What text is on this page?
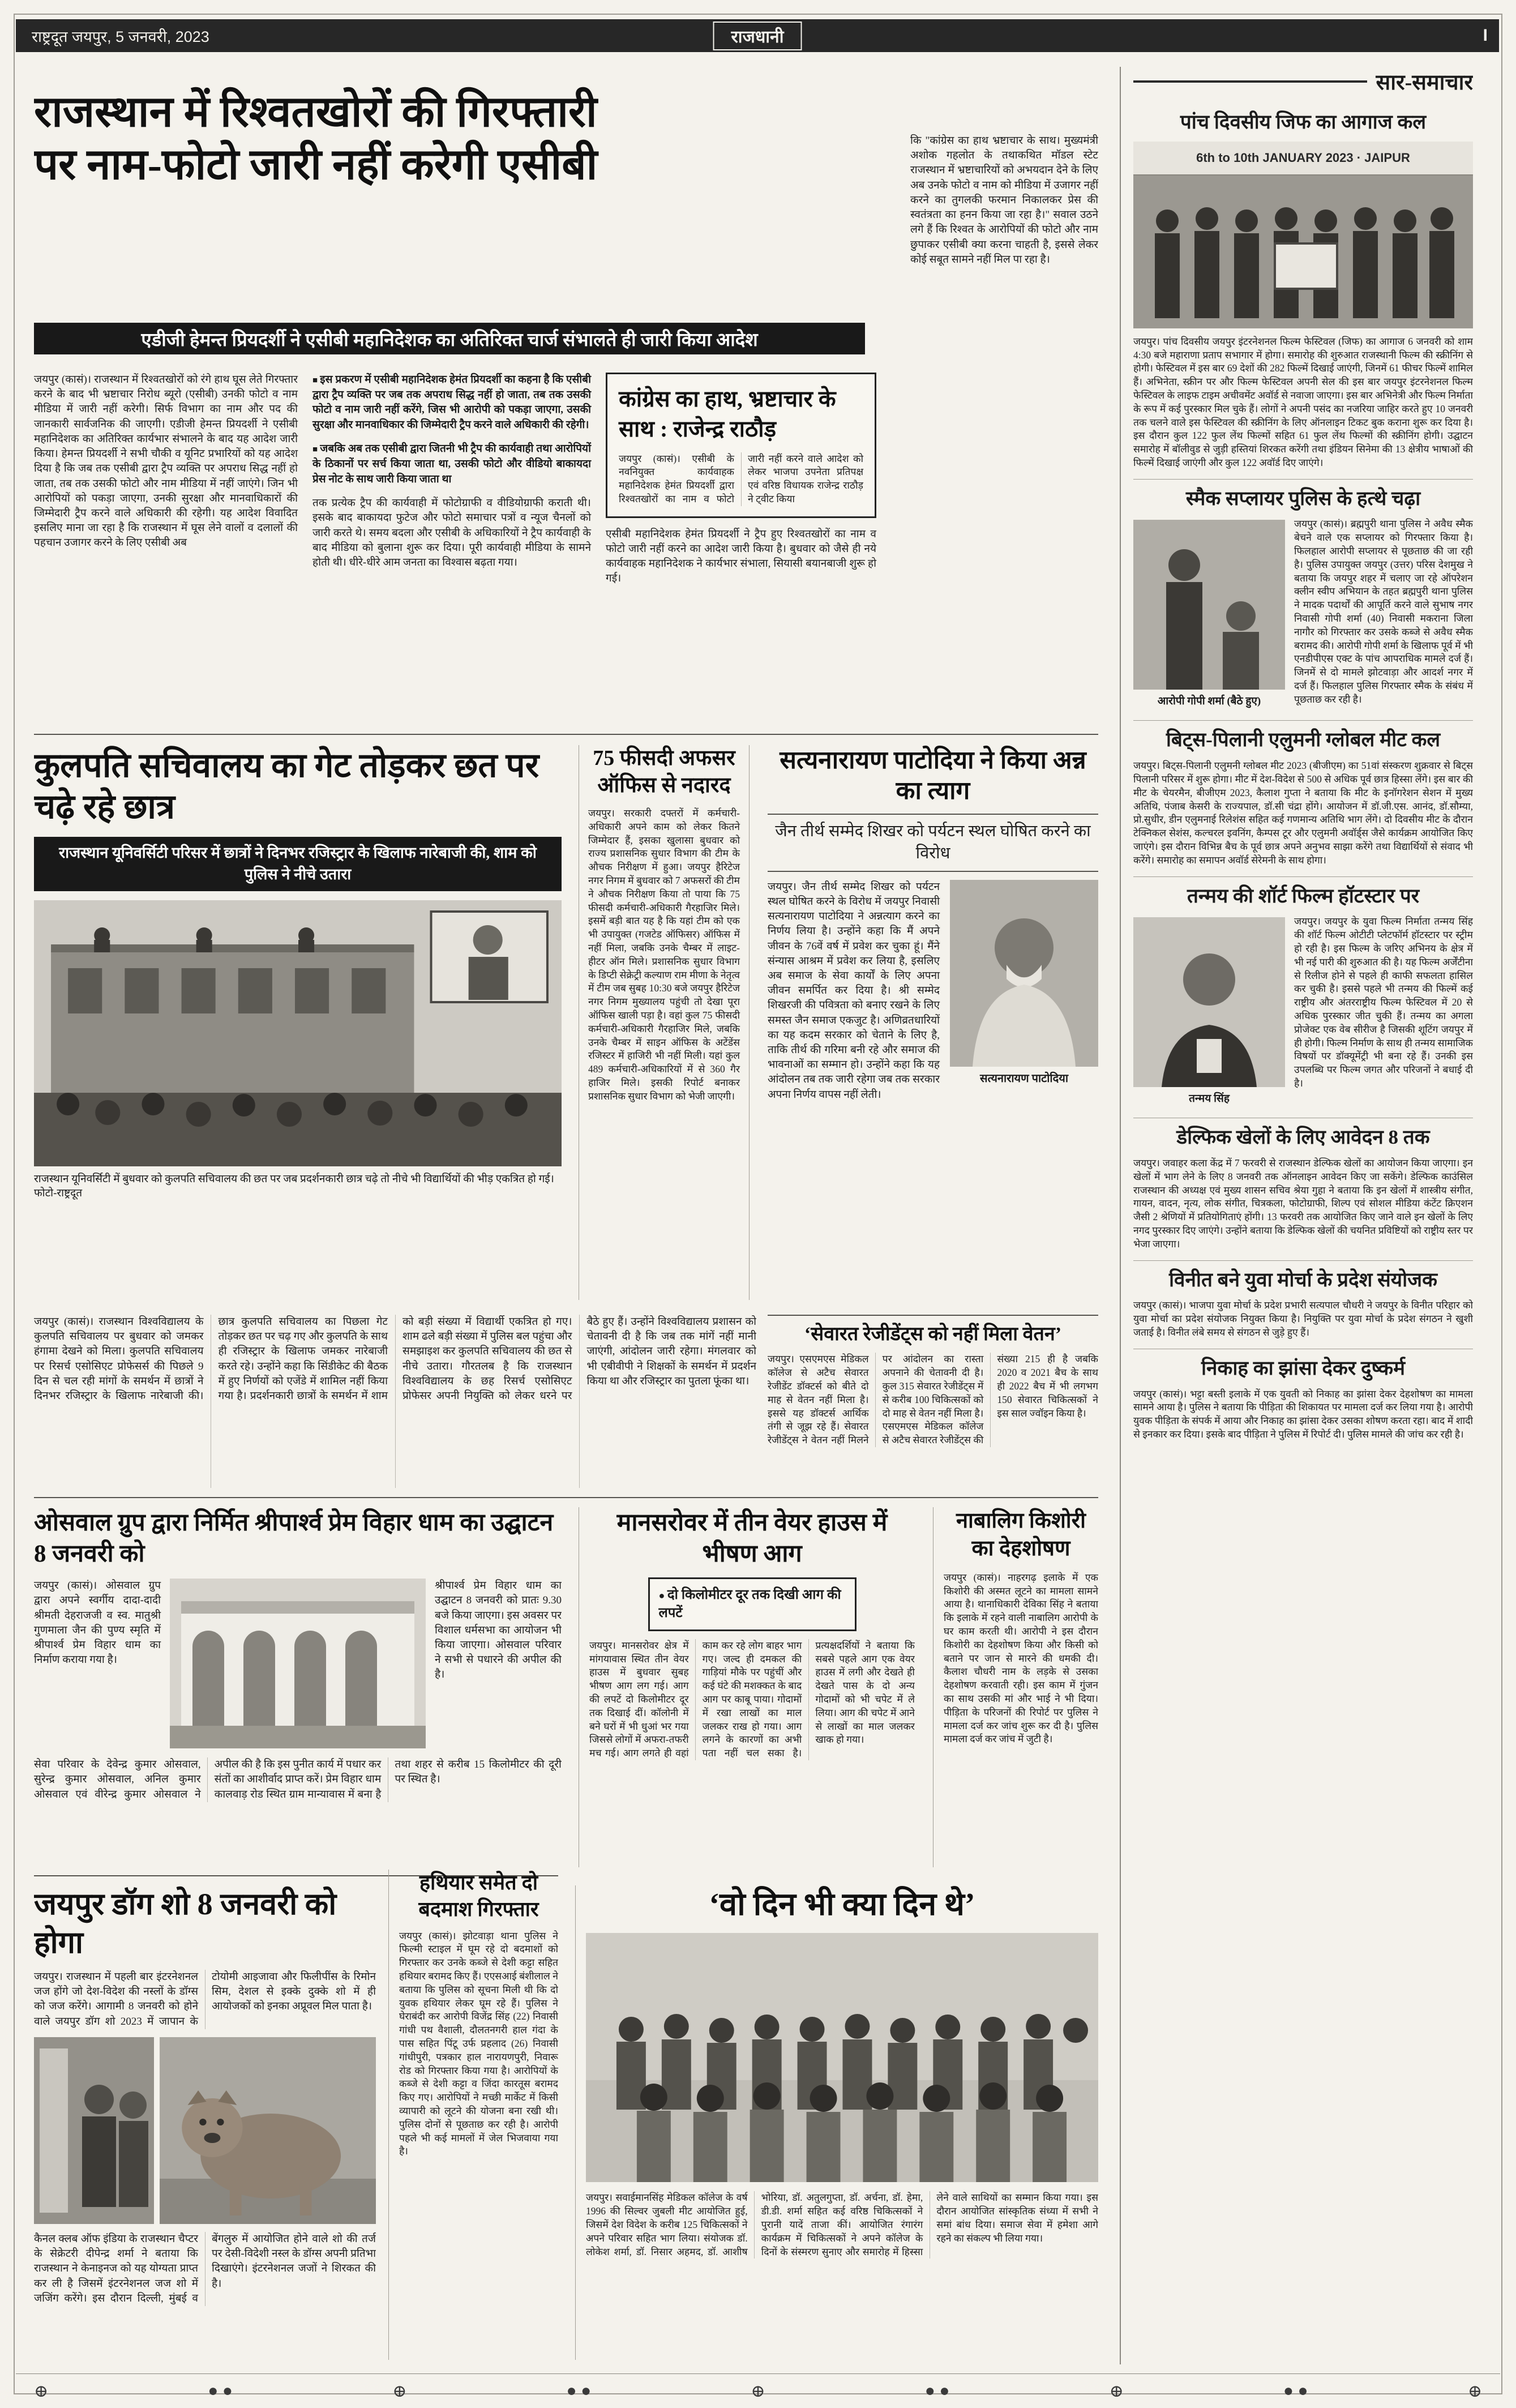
राष्ट्रदूत जयपुर, 5 जनवरी, 2023	राजधानी	I
राजस्थान में रिश्वतखोरों की गिरफ्तारी पर नाम-फोटो जारी नहीं करेगी एसीबी
कि "कांग्रेस का हाथ भ्रष्टाचार के साथ। मुख्यमंत्री अशोक गहलोत के तथाकथित मॉडल स्टेट राजस्थान में भ्रष्टाचारियों को अभयदान देने के लिए अब उनके फोटो व नाम को मीडिया में उजागर नहीं करने का तुगलकी फरमान निकालकर प्रेस की स्वतंत्रता का हनन किया जा रहा है।" सवाल उठने लगे हैं कि रिश्वत के आरोपियों की फोटो और नाम छुपाकर एसीबी क्या करना चाहती है, इससे लेकर कोई सबूत सामने नहीं मिल पा रहा है।
एडीजी हेमन्त प्रियदर्शी ने एसीबी महानिदेशक का अतिरिक्त चार्ज संभालते ही जारी किया आदेश
जयपुर (कासं)। राजस्थान में रिश्वतखोरों को रंगे हाथ घूस लेते गिरफ्तार करने के बाद भी भ्रष्टाचार निरोध ब्यूरो (एसीबी) उनकी फोटो व नाम मीडिया में जारी नहीं करेगी। सिर्फ विभाग का नाम और पद की जानकारी सार्वजनिक की जाएगी। एडीजी हेमन्त प्रियदर्शी ने एसीबी महानिदेशक का अतिरिक्त कार्यभार संभालने के बाद यह आदेश जारी किया। हेमन्त प्रियदर्शी ने सभी चौकी व यूनिट प्रभारियों को यह आदेश दिया है कि जब तक एसीबी द्वारा ट्रैप व्यक्ति पर अपराध सिद्ध नहीं हो जाता, तब तक उसकी फोटो और नाम मीडिया में नहीं जाएंगे। जिन भी आरोपियों को पकड़ा जाएगा, उनकी सुरक्षा और मानवाधिकारों की जिम्मेदारी ट्रैप करने वाले अधिकारी की रहेगी। यह आदेश विवादित इसलिए माना जा रहा है कि राजस्थान में घूस लेने वालों व दलालों की पहचान उजागर करने के लिए एसीबी अब

■ इस प्रकरण में एसीबी महानिदेशक हेमंत प्रियदर्शी का कहना है कि एसीबी द्वारा ट्रैप व्यक्ति पर जब तक अपराध सिद्ध नहीं हो जाता, तब तक उसकी फोटो व नाम जारी नहीं करेंगे, जिस भी आरोपी को पकड़ा जाएगा, उसकी सुरक्षा और मानवाधिकार की जिम्मेदारी ट्रैप करने वाले अधिकारी की रहेगी।

■ जबकि अब तक एसीबी द्वारा जितनी भी ट्रैप की कार्यवाही तथा आरोपियों के ठिकानों पर सर्च किया जाता था, उसकी फोटो और वीडियो बाकायदा प्रेस नोट के साथ जारी किया जाता था

तक प्रत्येक ट्रैप की कार्यवाही में फोटोग्राफी व वीडियोग्राफी कराती थी। इसके बाद बाकायदा फुटेज और फोटो समाचार पत्रों व न्यूज चैनलों को जारी करते थे। समय बदला और एसीबी के अधिकारियों ने ट्रैप कार्यवाही के बाद मीडिया को बुलाना शुरू कर दिया। पूरी कार्यवाही मीडिया के सामने होती थी। धीरे-धीरे आम जनता का विश्वास बढ़ता गया।

कांग्रेस का हाथ, भ्रष्टाचार के साथ : राजेन्द्र राठौड़
जयपुर (कासं)। एसीबी के नवनियुक्त कार्यवाहक महानिदेशक हेमंत प्रियदर्शी द्वारा रिश्वतखोरों का नाम व फोटो जारी नहीं करने वाले आदेश को लेकर भाजपा उपनेता प्रतिपक्ष एवं वरिष्ठ विधायक राजेन्द्र राठौड़ ने ट्वीट किया

एसीबी महानिदेशक हेमंत प्रियदर्शी ने ट्रैप हुए रिश्वतखोरों का नाम व फोटो जारी नहीं करने का आदेश जारी किया है। बुधवार को जैसे ही नये कार्यवाहक महानिदेशक ने कार्यभार संभाला, सियासी बयानबाजी शुरू हो गई।

कुलपति सचिवालय का गेट तोड़कर छत पर चढ़े रहे छात्र
राजस्थान यूनिवर्सिटी परिसर में छात्रों ने दिनभर रजिस्ट्रार के खिलाफ नारेबाजी की, शाम को पुलिस ने नीचे उतारा

राजस्थान यूनिवर्सिटी में बुधवार को कुलपति सचिवालय की छत पर जब प्रदर्शनकारी छात्र चढ़े तो नीचे भी विद्यार्थियों की भीड़ एकत्रित हो गई। फोटो-राष्ट्रदूत

जयपुर (कासं)। राजस्थान विश्वविद्यालय के कुलपति सचिवालय पर बुधवार को जमकर हंगामा देखने को मिला। कुलपति सचिवालय पर रिसर्च एसोसिएट प्रोफेसर्स की पिछले 9 दिन से चल रही मांगों के समर्थन में छात्रों ने दिनभर रजिस्ट्रार के खिलाफ नारेबाजी की। छात्र कुलपति सचिवालय का पिछला गेट तोड़कर छत पर चढ़ गए और कुलपति के साथ ही रजिस्ट्रार के खिलाफ जमकर नारेबाजी करते रहे। उन्होंने कहा कि सिंडीकेट की बैठक में हुए निर्णयों को एजेंडे में शामिल नहीं किया गया है। प्रदर्शनकारी छात्रों के समर्थन में शाम को बड़ी संख्या में विद्यार्थी एकत्रित हो गए। शाम ढले बड़ी संख्या में पुलिस बल पहुंचा और समझाइश कर कुलपति सचिवालय की छत से नीचे उतारा। गौरतलब है कि राजस्थान विश्वविद्यालय के छह रिसर्च एसोसिएट प्रोफेसर अपनी नियुक्ति को लेकर धरने पर बैठे हुए हैं। उन्होंने विश्वविद्यालय प्रशासन को चेतावनी दी है कि जब तक मांगें नहीं मानी जाएंगी, आंदोलन जारी रहेगा। मंगलवार को भी एबीवीपी ने शिक्षकों के समर्थन में प्रदर्शन किया था और रजिस्ट्रार का पुतला फूंका था।
75 फीसदी अफसर ऑफिस से नदारद
जयपुर। सरकारी दफ्तरों में कर्मचारी-अधिकारी अपने काम को लेकर कितने जिम्मेदार हैं, इसका खुलासा बुधवार को राज्य प्रशासनिक सुधार विभाग की टीम के औचक निरीक्षण में हुआ। जयपुर हैरिटेज नगर निगम में बुधवार को 7 अफसरों की टीम ने औचक निरीक्षण किया तो पाया कि 75 फीसदी कर्मचारी-अधिकारी गैरहाजिर मिले। इसमें बड़ी बात यह है कि यहां टीम को एक भी उपायुक्त (गजटेड ऑफिसर) ऑफिस में नहीं मिला, जबकि उनके चैम्बर में लाइट-हीटर ऑन मिले। प्रशासनिक सुधार विभाग के डिप्टी सेक्रेट्री कल्याण राम मीणा के नेतृत्व में टीम जब सुबह 10:30 बजे जयपुर हैरिटेज नगर निगम मुख्यालय पहुंची तो देखा पूरा ऑफिस खाली पड़ा है। वहां कुल 75 फीसदी कर्मचारी-अधिकारी गैरहाजिर मिले, जबकि उनके चैम्बर में साइन ऑफिस के अटेंडेंस रजिस्टर में हाजिरी भी नहीं मिली। यहां कुल 489 कर्मचारी-अधिकारियों में से 360 गैर हाजिर मिले। इसकी रिपोर्ट बनाकर प्रशासनिक सुधार विभाग को भेजी जाएगी।
सत्यनारायण पाटोदिया ने किया अन्न का त्याग
जैन तीर्थ सम्मेद शिखर को पर्यटन स्थल घोषित करने का विरोध
जयपुर। जैन तीर्थ सम्मेद शिखर को पर्यटन स्थल घोषित करने के विरोध में जयपुर निवासी सत्यनारायण पाटोदिया ने अन्नत्याग करने का निर्णय लिया है। उन्होंने कहा कि मैं अपने जीवन के 76वें वर्ष में प्रवेश कर चुका हूं। मैंने संन्यास आश्रम में प्रवेश कर लिया है, इसलिए अब समाज के सेवा कार्यों के लिए अपना जीवन समर्पित कर दिया है। श्री सम्मेद शिखरजी की पवित्रता को बनाए रखने के लिए समस्त जैन समाज एकजुट है। अणिव्रतधारियों का यह कदम सरकार को चेताने के लिए है, ताकि तीर्थ की गरिमा बनी रहे और समाज की भावनाओं का सम्मान हो। उन्होंने कहा कि यह आंदोलन तब तक जारी रहेगा जब तक सरकार अपना निर्णय वापस नहीं लेती।
सत्यनारायण पाटोदिया
‘सेवारत रेजीडेंट्स को नहीं मिला वेतन’
जयपुर। एसएमएस मेडिकल कॉलेज से अटैच सेवारत रेजीडेंट डॉक्टर्स को बीते दो माह से वेतन नहीं मिला है। इससे यह डॉक्टर्स आर्थिक तंगी से जूझ रहे हैं। सेवारत रेजीडेंट्स ने वेतन नहीं मिलने पर आंदोलन का रास्ता अपनाने की चेतावनी दी है। कुल 315 सेवारत रेजीडेंट्स में से करीब 100 चिकित्सकों को दो माह से वेतन नहीं मिला है। एसएमएस मेडिकल कॉलेज से अटैच सेवारत रेजीडेंट्स की संख्या 215 ही है जबकि 2020 व 2021 बैच के साथ ही 2022 बैच में भी लगभग 150 सेवारत चिकित्सकों ने इस साल ज्वॉइन किया है।
ओसवाल ग्रुप द्वारा निर्मित श्रीपार्श्व प्रेम विहार धाम का उद्घाटन 8 जनवरी को
जयपुर (कासं)। ओसवाल ग्रुप द्वारा अपने स्वर्गीय दादा-दादी श्रीमती देहराजजी व स्व. मातुश्री गुणमाला जैन की पुण्य स्मृति में श्रीपार्श्व प्रेम विहार धाम का निर्माण कराया गया है।
श्रीपार्श्व प्रेम विहार धाम का उद्घाटन 8 जनवरी को प्रातः 9.30 बजे किया जाएगा। इस अवसर पर विशाल धर्मसभा का आयोजन भी किया जाएगा। ओसवाल परिवार ने सभी से पधारने की अपील की है।
सेवा परिवार के देवेन्द्र कुमार ओसवाल, सुरेन्द्र कुमार ओसवाल, अनिल कुमार ओसवाल एवं वीरेन्द्र कुमार ओसवाल ने अपील की है कि इस पुनीत कार्य में पधार कर संतों का आशीर्वाद प्राप्त करें। प्रेम विहार धाम कालवाड़ रोड स्थित ग्राम मान्यावास में बना है तथा शहर से करीब 15 किलोमीटर की दूरी पर स्थित है।
मानसरोवर में तीन वेयर हाउस में भीषण आग
● दो किलोमीटर दूर तक दिखी आग की लपटें
जयपुर। मानसरोवर क्षेत्र में मांगयावास स्थित तीन वेयर हाउस में बुधवार सुबह भीषण आग लग गई। आग की लपटें दो किलोमीटर दूर तक दिखाई दीं। कॉलोनी में बने घरों में भी धुआं भर गया जिससे लोगों में अफरा-तफरी मच गई। आग लगते ही वहां काम कर रहे लोग बाहर भाग गए। जल्द ही दमकल की गाड़ियां मौके पर पहुंचीं और कई घंटे की मशक्कत के बाद आग पर काबू पाया। गोदामों में रखा लाखों का माल जलकर राख हो गया। आग लगने के कारणों का अभी पता नहीं चल सका है। प्रत्यक्षदर्शियों ने बताया कि सबसे पहले आग एक वेयर हाउस में लगी और देखते ही देखते पास के दो अन्य गोदामों को भी चपेट में ले लिया। आग की चपेट में आने से लाखों का माल जलकर खाक हो गया।
नाबालिग किशोरी का देहशोषण
जयपुर (कासं)। नाहरगढ़ इलाके में एक किशोरी की अस्मत लूटने का मामला सामने आया है। थानाधिकारी देविका सिंह ने बताया कि इलाके में रहने वाली नाबालिग आरोपी के घर काम करती थी। आरोपी ने इस दौरान किशोरी का देहशोषण किया और किसी को बताने पर जान से मारने की धमकी दी। कैलाश चौधरी नाम के लड़के से उसका देहशोषण करवाती रही। इस काम में गुंजन का साथ उसकी मां और भाई ने भी दिया। पीड़िता के परिजनों की रिपोर्ट पर पुलिस ने मामला दर्ज कर जांच शुरू कर दी है। पुलिस मामला दर्ज कर जांच में जुटी है।
जयपुर डॉग शो 8 जनवरी को होगा
जयपुर। राजस्थान में पहली बार इंटरनेशनल जज होंगे जो देश-विदेश की नस्लों के डॉग्स को जज करेंगे। आगामी 8 जनवरी को होने वाले जयपुर डॉग शो 2023 में जापान के टोयोमी आइजावा और फिलीपींस के रिमोन सिम, देशल से इक्के दुक्के शो में ही आयोजकों को इनका अप्रूवल मिल पाता है।
कैनल क्लब ऑफ इंडिया के राजस्थान चैप्टर के सेक्रेटरी दीपेन्द्र शर्मा ने बताया कि राजस्थान ने केनाइनज को यह योग्यता प्राप्त कर ली है जिसमें इंटरनेशनल जज शो में जजिंग करेंगे। इस दौरान दिल्ली, मुंबई व बेंगलुरु में आयोजित होने वाले शो की तर्ज पर देसी-विदेशी नस्ल के डॉग्स अपनी प्रतिभा दिखाएंगे। इंटरनेशनल जजों ने शिरकत की है।
हथियार समेत दो बदमाश गिरफ्तार
जयपुर (कासं)। झोटवाड़ा थाना पुलिस ने फिल्मी स्टाइल में घूम रहे दो बदमाशों को गिरफ्तार कर उनके कब्जे से देशी कट्टा सहित हथियार बरामद किए हैं। एएसआई बंशीलाल ने बताया कि पुलिस को सूचना मिली थी कि दो युवक हथियार लेकर घूम रहे हैं। पुलिस ने घेराबंदी कर आरोपी विजेंद्र सिंह (22) निवासी गांधी पथ वैशाली, दौलतनगरी हाल गंदा के पास सहित पिंटू उर्फ प्रहलाद (26) निवासी गांधीपुरी, पत्रकार हाल नारायणपुरी, निवारू रोड को गिरफ्तार किया गया है। आरोपियों के कब्जे से देशी कट्टा व जिंदा कारतूस बरामद किए गए। आरोपियों ने मच्छी मार्केट में किसी व्यापारी को लूटने की योजना बना रखी थी। पुलिस दोनों से पूछताछ कर रही है। आरोपी पहले भी कई मामलों में जेल भिजवाया गया है।
‘वो दिन भी क्या दिन थे’
जयपुर। सवाईमानसिंह मेडिकल कॉलेज के वर्ष 1996 की सिल्वर जुबली मीट आयोजित हुई, जिसमें देश विदेश के करीब 125 चिकित्सकों ने अपने परिवार सहित भाग लिया। संयोजक डॉ. लोकेश शर्मा, डॉ. निसार अहमद, डॉ. आशीष भोरिया, डॉ. अतुलगुप्ता, डॉ. अर्चना, डॉ. हेमा, डी.डी. शर्मा सहित कई वरिष्ठ चिकित्सकों ने पुरानी यादें ताजा कीं। आयोजित रंगारंग कार्यक्रम में चिकित्सकों ने अपने कॉलेज के दिनों के संस्मरण सुनाए और समारोह में हिस्सा लेने वाले साथियों का सम्मान किया गया। इस दौरान आयोजित सांस्कृतिक संध्या में सभी ने समां बांध दिया। समाज सेवा में हमेशा आगे रहने का संकल्प भी लिया गया।
सार-समाचार
पांच दिवसीय जिफ का आगाज कल
6th to 10th JANUARY 2023 · JAIPUR
जयपुर। पांच दिवसीय जयपुर इंटरनेशनल फिल्म फेस्टिवल (जिफ) का आगाज 6 जनवरी को शाम 4:30 बजे महाराणा प्रताप सभागार में होगा। समारोह की शुरुआत राजस्थानी फिल्म की स्क्रीनिंग से होगी। फेस्टिवल में इस बार 69 देशों की 282 फिल्में दिखाई जाएंगी, जिनमें 61 फीचर फिल्में शामिल हैं। अभिनेता, स्क्रीन पर और फिल्म फेस्टिवल अपनी सेल की इस बार जयपुर इंटरनेशनल फिल्म फेस्टिवल के लाइफ टाइम अचीवमेंट अवॉर्ड से नवाजा जाएगा। इस बार अभिनेत्री और फिल्म निर्माता के रूप में कई पुरस्कार मिल चुके हैं। लोगों ने अपनी पसंद का नजरिया जाहिर करते हुए 10 जनवरी तक चलने वाले इस फेस्टिवल की स्क्रीनिंग के लिए ऑनलाइन टिकट बुक कराना शुरू कर दिया है। इस दौरान कुल 122 फुल लेंथ फिल्मों सहित 61 फुल लेंथ फिल्मों की स्क्रीनिंग होगी। उद्घाटन समारोह में बॉलीवुड से जुड़ी हस्तियां शिरकत करेंगी तथा इंडियन सिनेमा की 13 क्षेत्रीय भाषाओं की फिल्में दिखाई जाएंगी और कुल 122 अवॉर्ड दिए जाएंगे।
स्मैक सप्लायर पुलिस के हत्थे चढ़ा
आरोपी गोपी शर्मा (बैठे हुए)
जयपुर (कासं)। ब्रह्मपुरी थाना पुलिस ने अवैध स्मैक बेचने वाले एक सप्लायर को गिरफ्तार किया है। फिलहाल आरोपी सप्लायर से पूछताछ की जा रही है। पुलिस उपायुक्त जयपुर (उत्तर) परिस देशमुख ने बताया कि जयपुर शहर में चलाए जा रहे ऑपरेशन क्लीन स्वीप अभियान के तहत ब्रह्मपुरी थाना पुलिस ने मादक पदार्थों की आपूर्ति करने वाले सुभाष नगर निवासी गोपी शर्मा (40) निवासी मकराना जिला नागौर को गिरफ्तार कर उसके कब्जे से अवैध स्मैक बरामद की। आरोपी गोपी शर्मा के खिलाफ पूर्व में भी एनडीपीएस एक्ट के पांच आपराधिक मामले दर्ज हैं। जिनमें से दो मामले झोटवाड़ा और आदर्श नगर में दर्ज हैं। फिलहाल पुलिस गिरफ्तार स्मैक के संबंध में पूछताछ कर रही है।
बिट्स-पिलानी एलुमनी ग्लोबल मीट कल
जयपुर। बिट्स-पिलानी एलुमनी ग्लोबल मीट 2023 (बीजीएम) का 51वां संस्करण शुक्रवार से बिट्स पिलानी परिसर में शुरू होगा। मीट में देश-विदेश से 500 से अधिक पूर्व छात्र हिस्सा लेंगे। इस बार की मीट के चेयरमैन, बीजीएम 2023, कैलाश गुप्ता ने बताया कि मीट के इनॉगरेशन सेशन में मुख्य अतिथि, पंजाब केसरी के राज्यपाल, डॉ.सी चंद्रा होंगे। आयोजन में डॉ.जी.एस. आनंद, डॉ.सौम्या, प्रो.सुधीर, डीन एलुमनाई रिलेशंस सहित कई गणमान्य अतिथि भाग लेंगे। दो दिवसीय मीट के दौरान टेक्निकल सेशंस, कल्चरल इवनिंग, कैम्पस टूर और एलुमनी अवॉर्ड्स जैसे कार्यक्रम आयोजित किए जाएंगे। इस दौरान विभिन्न बैच के पूर्व छात्र अपने अनुभव साझा करेंगे तथा विद्यार्थियों से संवाद भी करेंगे। समारोह का समापन अवॉर्ड सेरेमनी के साथ होगा।
तन्मय की शॉर्ट फिल्म हॉटस्टार पर
तन्मय सिंह
जयपुर। जयपुर के युवा फिल्म निर्माता तन्मय सिंह की शॉर्ट फिल्म ओटीटी प्लेटफॉर्म हॉटस्टार पर स्ट्रीम हो रही है। इस फिल्म के जरिए अभिनय के क्षेत्र में भी नई पारी की शुरुआत की है। यह फिल्म अर्जेंटीना से रिलीज होने से पहले ही काफी सफलता हासिल कर चुकी है। इससे पहले भी तन्मय की फिल्में कई राष्ट्रीय और अंतरराष्ट्रीय फिल्म फेस्टिवल में 20 से अधिक पुरस्कार जीत चुकी हैं। तन्मय का अगला प्रोजेक्ट एक वेब सीरीज है जिसकी शूटिंग जयपुर में ही होगी। फिल्म निर्माण के साथ ही तन्मय सामाजिक विषयों पर डॉक्यूमेंट्री भी बना रहे हैं। उनकी इस उपलब्धि पर फिल्म जगत और परिजनों ने बधाई दी है।
डेल्फिक खेलों के लिए आवेदन 8 तक
जयपुर। जवाहर कला केंद्र में 7 फरवरी से राजस्थान डेल्फिक खेलों का आयोजन किया जाएगा। इन खेलों में भाग लेने के लिए 8 जनवरी तक ऑनलाइन आवेदन किए जा सकेंगे। डेल्फिक काउंसिल राजस्थान की अध्यक्ष एवं मुख्य शासन सचिव श्रेया गुहा ने बताया कि इन खेलों में शास्त्रीय संगीत, गायन, वादन, नृत्य, लोक संगीत, चित्रकला, फोटोग्राफी, शिल्प एवं सोशल मीडिया कंटेंट क्रिएशन जैसी 2 श्रेणियों में प्रतियोगिताएं होंगी। 13 फरवरी तक आयोजित किए जाने वाले इन खेलों के लिए नगद पुरस्कार दिए जाएंगे। उन्होंने बताया कि डेल्फिक खेलों की चयनित प्रविष्टियों को राष्ट्रीय स्तर पर भेजा जाएगा।
विनीत बने युवा मोर्चा के प्रदेश संयोजक
जयपुर (कासं)। भाजपा युवा मोर्चा के प्रदेश प्रभारी सत्यपाल चौधरी ने जयपुर के विनीत परिहार को युवा मोर्चा का प्रदेश संयोजक नियुक्त किया है। नियुक्ति पर युवा मोर्चा के प्रदेश संगठन ने खुशी जताई है। विनीत लंबे समय से संगठन से जुड़े हुए हैं।
निकाह का झांसा देकर दुष्कर्म
जयपुर (कासं)। भट्टा बस्ती इलाके में एक युवती को निकाह का झांसा देकर देहशोषण का मामला सामने आया है। पुलिस ने बताया कि पीड़िता की शिकायत पर मामला दर्ज कर लिया गया है। आरोपी युवक पीड़िता के संपर्क में आया और निकाह का झांसा देकर उसका शोषण करता रहा। बाद में शादी से इनकार कर दिया। इसके बाद पीड़िता ने पुलिस में रिपोर्ट दी। पुलिस मामले की जांच कर रही है।
⊕	● ●	⊕	● ●	⊕	● ●	⊕	● ●	⊕
